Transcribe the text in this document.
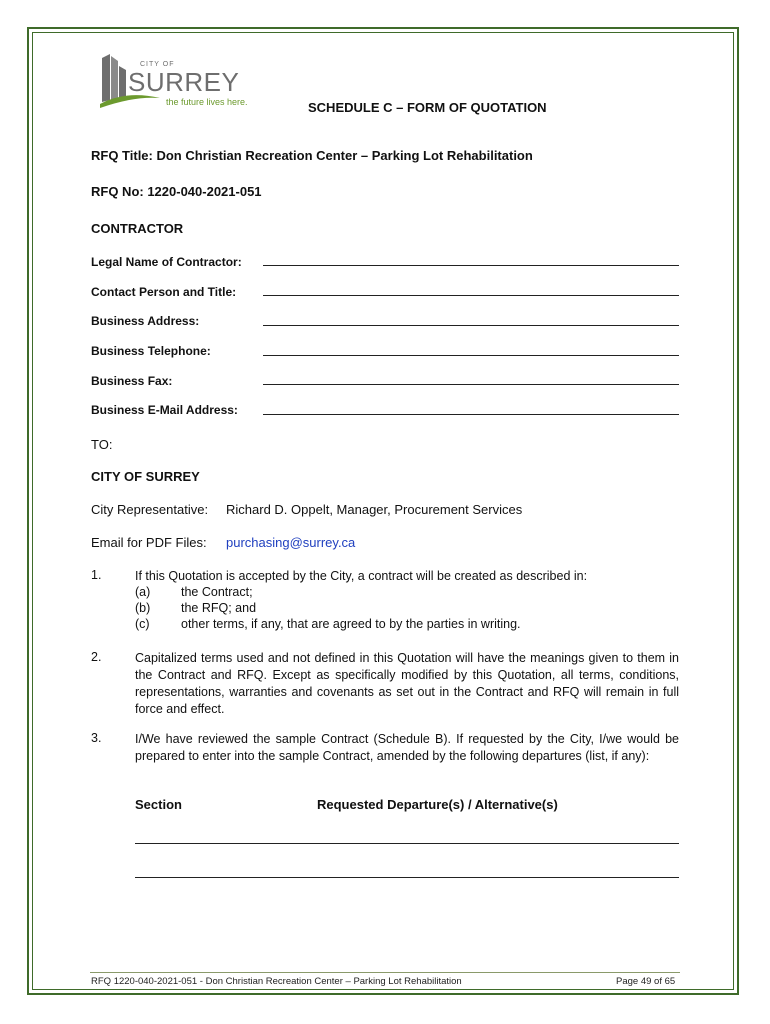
CITY OF
SURREY
the future lives here.	SCHEDULE C – FORM OF QUOTATION
RFQ Title: Don Christian Recreation Center – Parking Lot Rehabilitation
RFQ No: 1220-040-2021-051
CONTRACTOR
Legal Name of Contractor:
Contact Person and Title:
Business Address:
Business Telephone:
Business Fax:
Business E-Mail Address:
TO:
CITY OF SURREY
City Representative: Richard D. Oppelt, Manager, Procurement Services
Email for PDF Files: purchasing@surrey.ca
1.	If this Quotation is accepted by the City, a contract will be created as described in:
(a) the Contract;
(b) the RFQ; and
(c)	other terms, if any, that are agreed to by the parties in writing.
2.	Capitalized terms used and not defined in this Quotation will have the meanings given to them in the Contract and RFQ. Except as specifically modified by this Quotation, all terms, conditions, representations, warranties and covenants as set out in the Contract and RFQ will remain in full force and effect.
3.	I/We have reviewed the sample Contract (Schedule B). If requested by the City, I/we would be prepared to enter into the sample Contract, amended by the following departures (list, if any):
Section	Requested Departure(s) / Alternative(s)
RFQ 1220-040-2021-051 - Don Christian Recreation Center – Parking Lot Rehabilitation	Page 49 of 65
